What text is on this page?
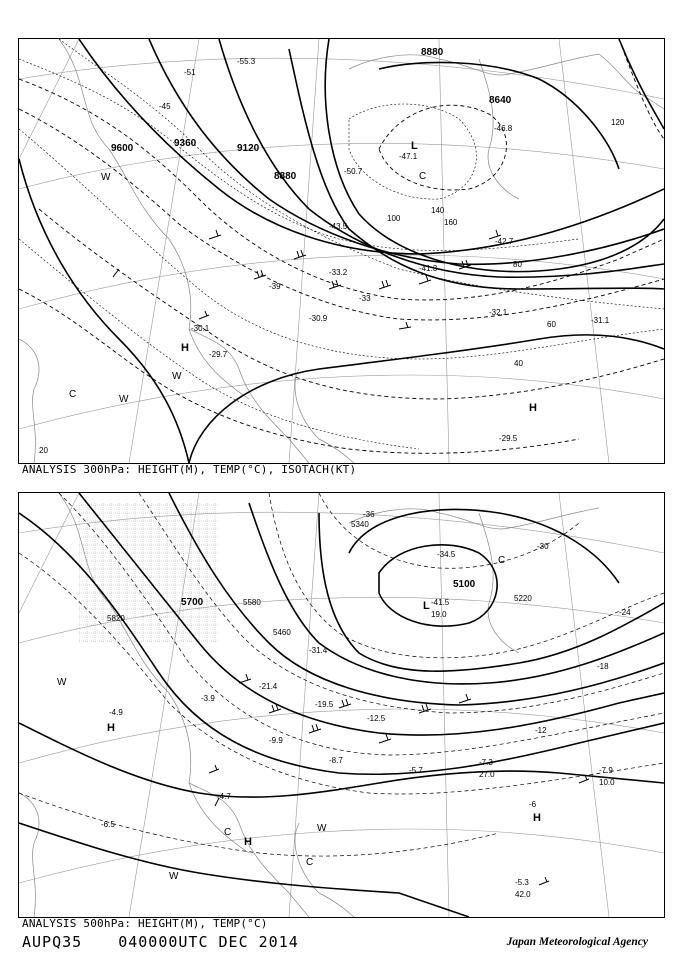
9600	9360	9120
8880
8880
8640
20
40
60
80
100
120
140
160
-45
-51
-55.3
-50.7
-47.1
-43.5
-39
-41.3
-33
-30.9
-32.1
-31.1
-30.1
-29.7
-29.5
-46.8
-42.7
-33.2
L
H
H
C	W
W
W	C
ANALYSIS 300hPa: HEIGHT(M), TEMP(°C), ISOTACH(KT)
5820
5700	5580
5460
5340
5100
5220
-36
-30
-24
-18
-12
-6
-34.5
-41.5
-31.4
-21.4
-19.5
-12.5
-8.7
-5.7
-7.3
-7.9
-5.3
-4.7
-6.5
-3.9
-9.9
-4.9
19.0
27.0
10.0
42.0
L
H
H
H
C
C
W
W
W
C
ANALYSIS 500hPa: HEIGHT(M), TEMP(°C)
AUPQ35 040000UTC DEC 2014	Japan Meteorological Agency
